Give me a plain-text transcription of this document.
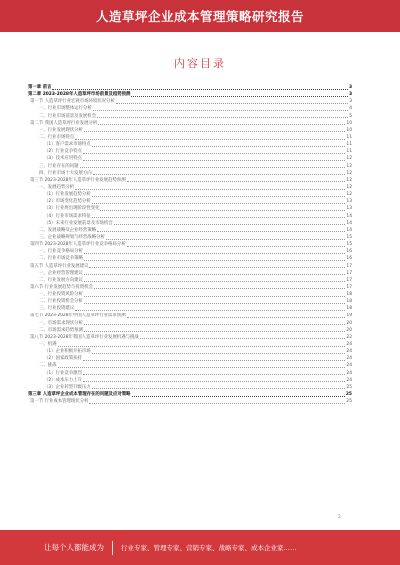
人造草坪企业成本管理策略研究报告
内容目录
第一章 前言	3
第二章 2023-2028年人造草坪市场前景及趋势预测	3
第一节 人造草坪行业宏观市场环境状况分析	3
一、行业市场整体运行分析	4
二、行业市场前景及发展机会	5
第二节 我国人造草坪行业发展分析	10
一、行业发展现状分析	10
二、行业市场特点	11
（1）客户需求市场特点	11
（2）行业竞争特点	11
（3）技术应用特点	12
三、行业存在的问题	12
四、行业市场十大发展方向	12
第三节 2023-2028年人造草坪行业发展趋势预测	12
一、发展趋势分析	12
（1）行业发展趋势分析	12
（2）市场变化趋势分析	13
（3）行业将出现阶段性变化	13
（4）行业市场需求特征	14
（5）未来行业发展前景及市场机会	14
二、发展战略及企业经营策略	14
三、企业战略规划与经营战略分析	15
第四节 2023-2028年人造草坪行业竞争格局分析	15
一、行业竞争格局分析	16
二、行业市场竞争策略	16
第五节 人造草坪行业发展建议	17
一、企业经营管理建议	17
二、行业发展方向建议	17
第六节 行业发展趋势与投资机会	17
一、行业投资风险分析	18
二、行业投资机会分析	18
三、行业投资建议	18
第七节 2023-2028年中国人造草坪行业需求预测	19
一、市场需求现状分析	20
二、市场需求趋势预测	20
第八节 2023-2028年我国人造草坪行业发展机遇与挑战	22
一、机遇	24
（1）企业积极开拓市场	24
（2）国家政策扶持	24
二、挑战	24
（1）行业竞争激烈	24
（2）成本压力上升	24
（3）企业转型升级压力	25
第三章 人造草坪企业成本管理存在的问题及应对策略	25
第一节 行业成本管理现状分析	25
2
让每个人都能成为	行业专家、管理专家、营销专家、战略专家、成本企业家……
